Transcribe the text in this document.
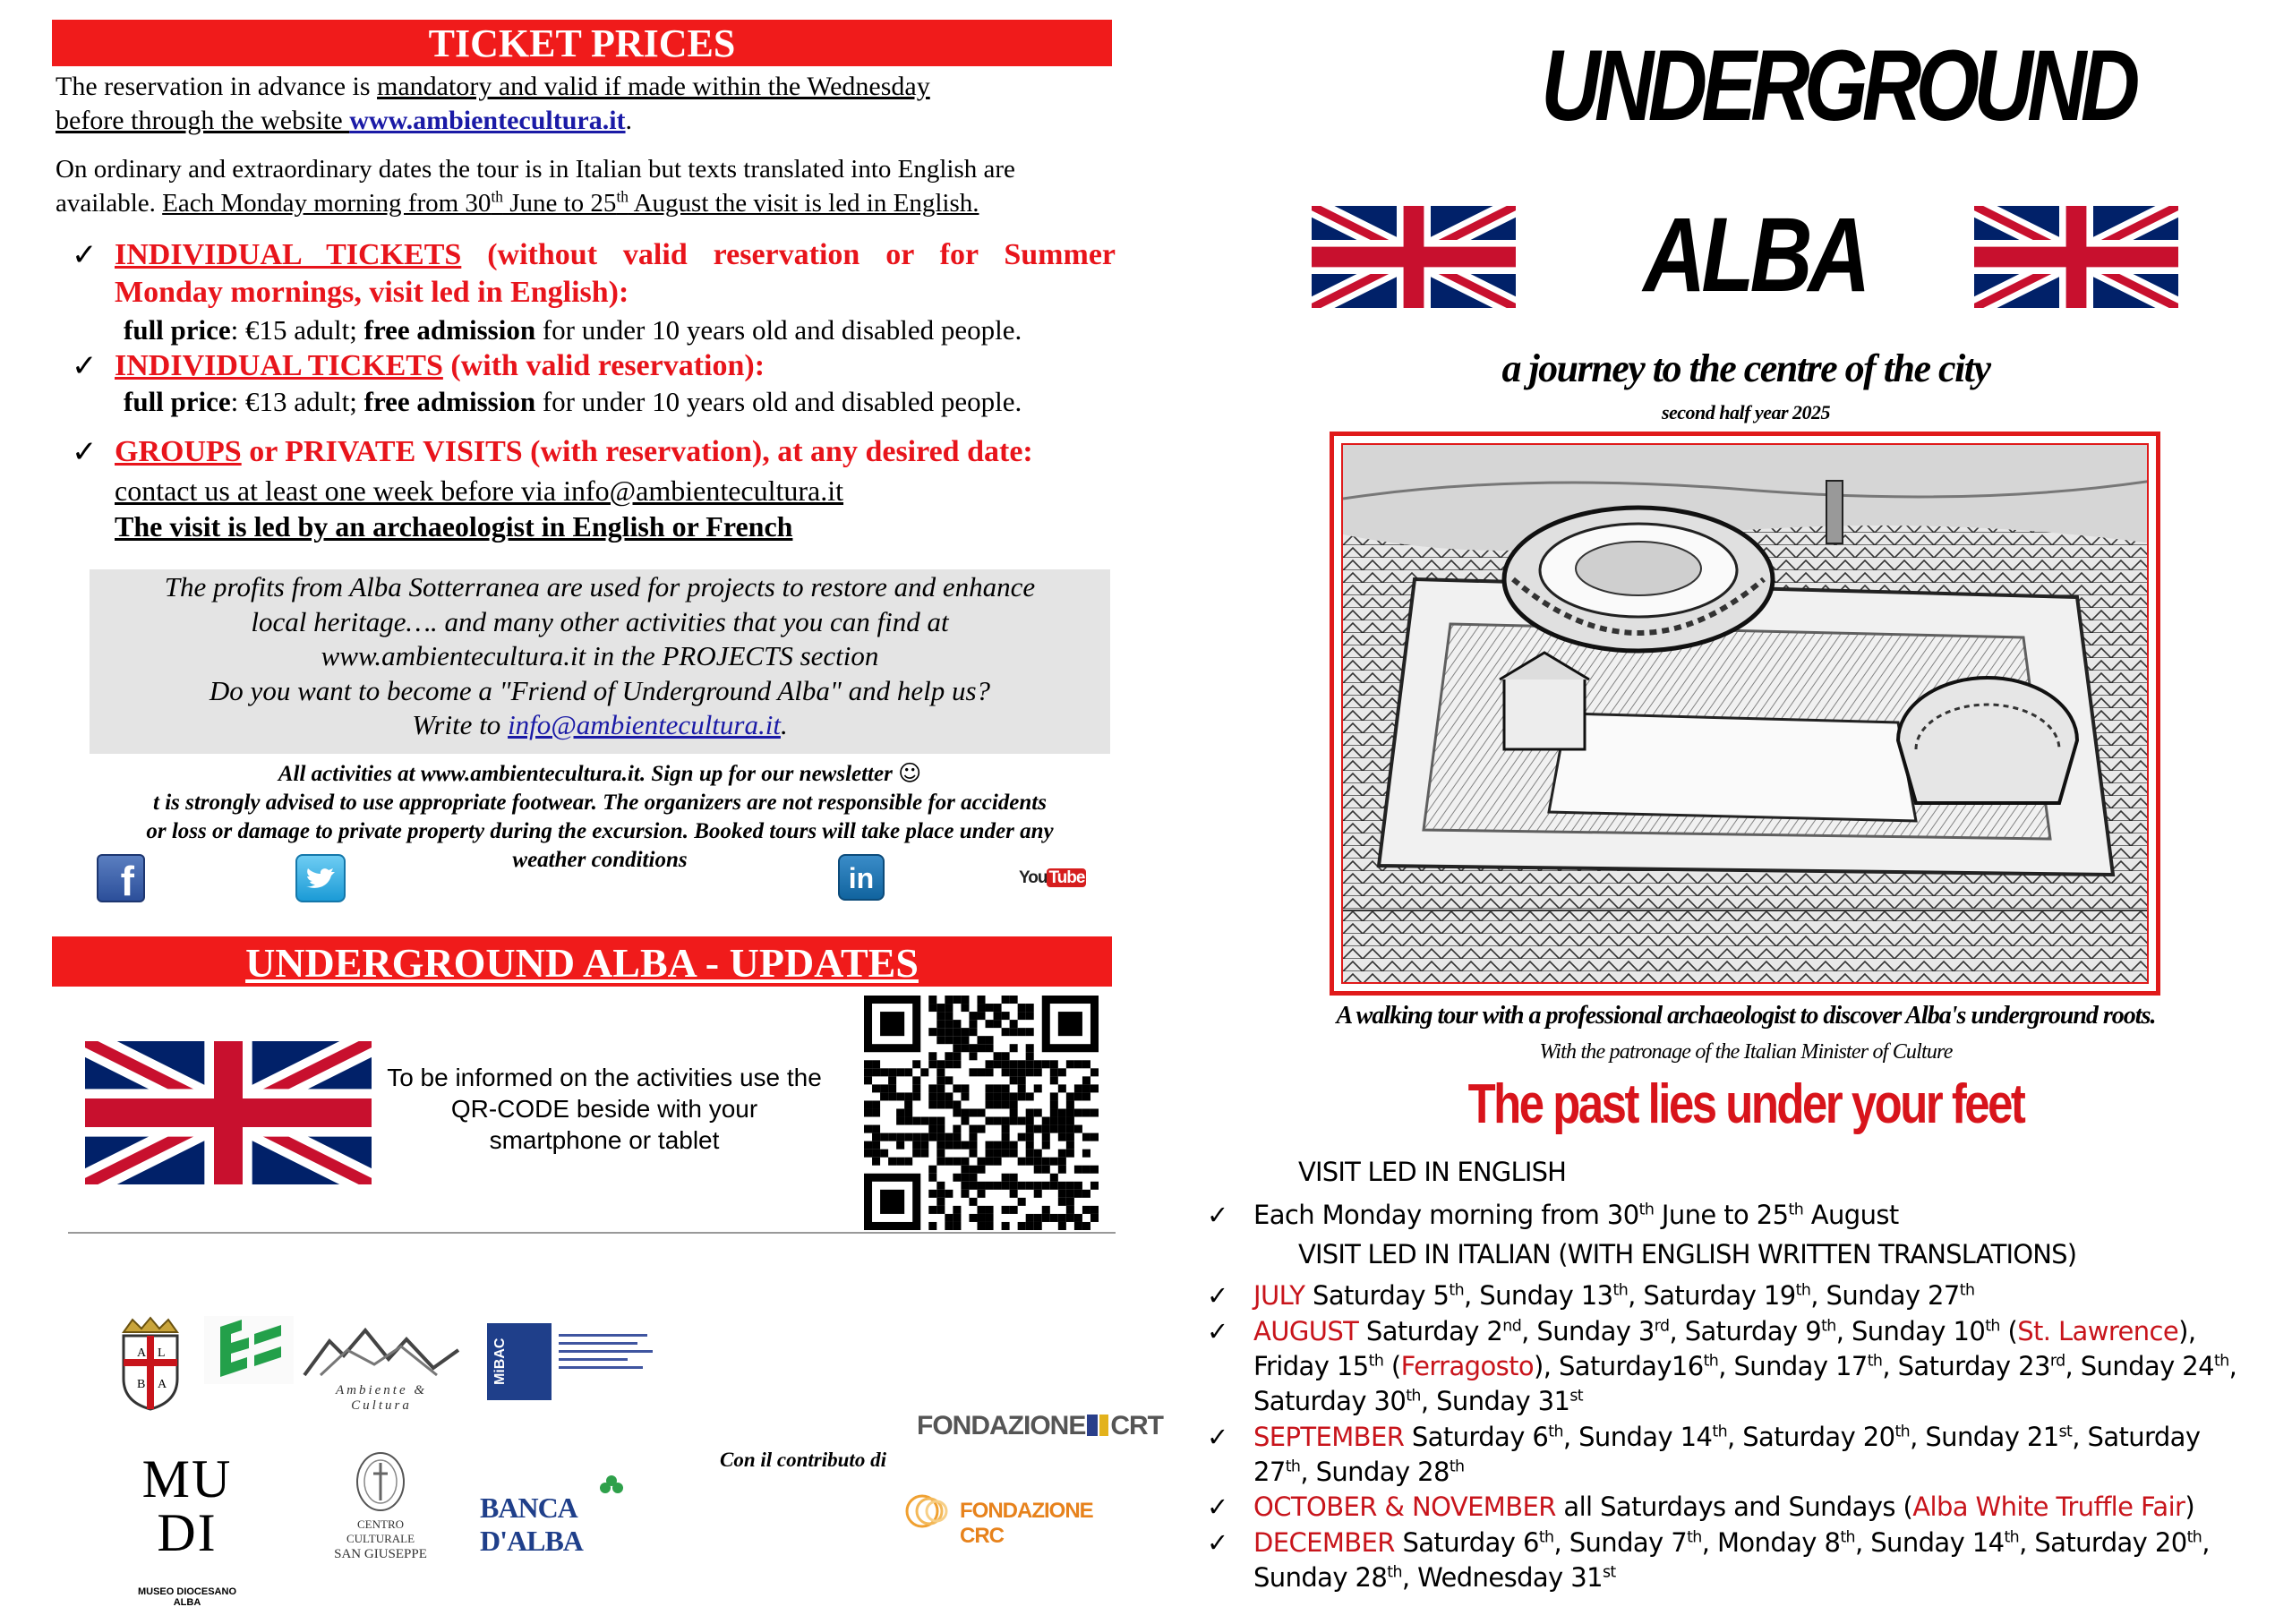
TICKET PRICES
The reservation in advance is mandatory and valid if made within the Wednesday
before through the website www.ambientecultura.it.
On ordinary and extraordinary dates the tour is in Italian but texts translated into English are
available. Each Monday morning from 30th June to 25th August the visit is led in English.
✓ INDIVIDUAL TICKETS (without valid reservation or for Summer
Monday mornings, visit led in English):
full price: €15 adult; free admission for under 10 years old and disabled people.
✓ INDIVIDUAL TICKETS (with valid reservation):
full price: €13 adult; free admission for under 10 years old and disabled people.
✓ GROUPS or PRIVATE VISITS (with reservation), at any desired date:
contact us at least one week before via info@ambientecultura.it
The visit is led by an archaeologist in English or French
The profits from Alba Sotterranea are used for projects to restore and enhance
local heritage…. and many other activities that you can find at
www.ambientecultura.it in the PROJECTS section
Do you want to become a "Friend of Underground Alba" and help us?
Write to info@ambientecultura.it.
All activities at www.ambientecultura.it. Sign up for our newsletter ☺
t is strongly advised to use appropriate footwear. The organizers are not responsible for accidents
or loss or damage to private property during the excursion. Booked tours will take place under any
weather conditions
f	in	You Tube
UNDERGROUND ALBA - UPDATES
To be informed on the activities use the
QR-CODE beside with your
smartphone or tablet
A L
B A	Ambiente & Cultura
MiBAC
MU DI
MUSEO DIOCESANO ALBA
CENTRO CULTURALE
SAN GIUSEPPE
BANCA D'ALBA
Con il contributo di
FONDAZIONE CRT
FONDAZIONE CRC
UNDERGROUND
ALBA
a journey to the centre of the city
second half year 2025
A walking tour with a professional archaeologist to discover Alba's underground roots.
With the patronage of the Italian Minister of Culture
The past lies under your feet
VISIT LED IN ENGLISH
✓ Each Monday morning from 30th June to 25th August
VISIT LED IN ITALIAN (WITH ENGLISH WRITTEN TRANSLATIONS)
✓ JULY Saturday 5th, Sunday 13th, Saturday 19th, Sunday 27th
✓ AUGUST Saturday 2nd, Sunday 3rd, Saturday 9th, Sunday 10th (St. Lawrence),
Friday 15th (Ferragosto), Saturday16th, Sunday 17th, Saturday 23rd, Sunday 24th,
Saturday 30th, Sunday 31st
✓ SEPTEMBER Saturday 6th, Sunday 14th, Saturday 20th, Sunday 21st, Saturday
27th, Sunday 28th
✓ OCTOBER & NOVEMBER all Saturdays and Sundays (Alba White Truffle Fair)
✓ DECEMBER Saturday 6th, Sunday 7th, Monday 8th, Sunday 14th, Saturday 20th,
Sunday 28th, Wednesday 31st
